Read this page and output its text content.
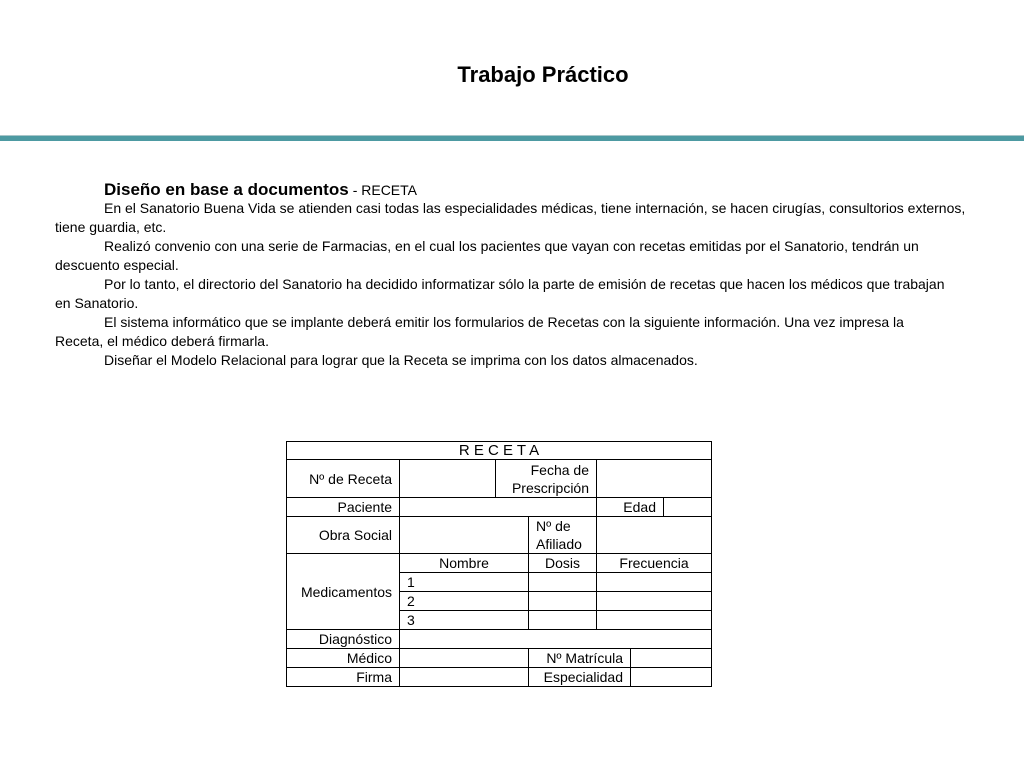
Trabajo Práctico
Diseño en base a documentos - RECETA
En el Sanatorio Buena Vida se atienden casi todas las especialidades médicas, tiene internación, se hacen cirugías, consultorios externos,
tiene guardia, etc.
Realizó convenio con una serie de Farmacias, en el cual los pacientes que vayan con recetas emitidas por el Sanatorio, tendrán un
descuento especial.
Por lo tanto, el directorio del Sanatorio ha decidido informatizar sólo la parte de emisión de recetas que hacen los médicos que trabajan
en Sanatorio.
El sistema informático que se implante deberá emitir los formularios de Recetas con la siguiente información. Una vez impresa la
Receta, el médico deberá firmarla.
Diseñar el Modelo Relacional para lograr que la Receta se imprima con los datos almacenados.
R E C E T A						
Nº de Receta		Fecha de Prescripción				
Paciente				Edad		
Obra Social			Nº de Afiliado			
Medicamentos	Nombre		Dosis	Frecuencia		
	1					
	2					
	3					
Diagnóstico						
Médico			Nº Matrícula			
Firma			Especialidad			
